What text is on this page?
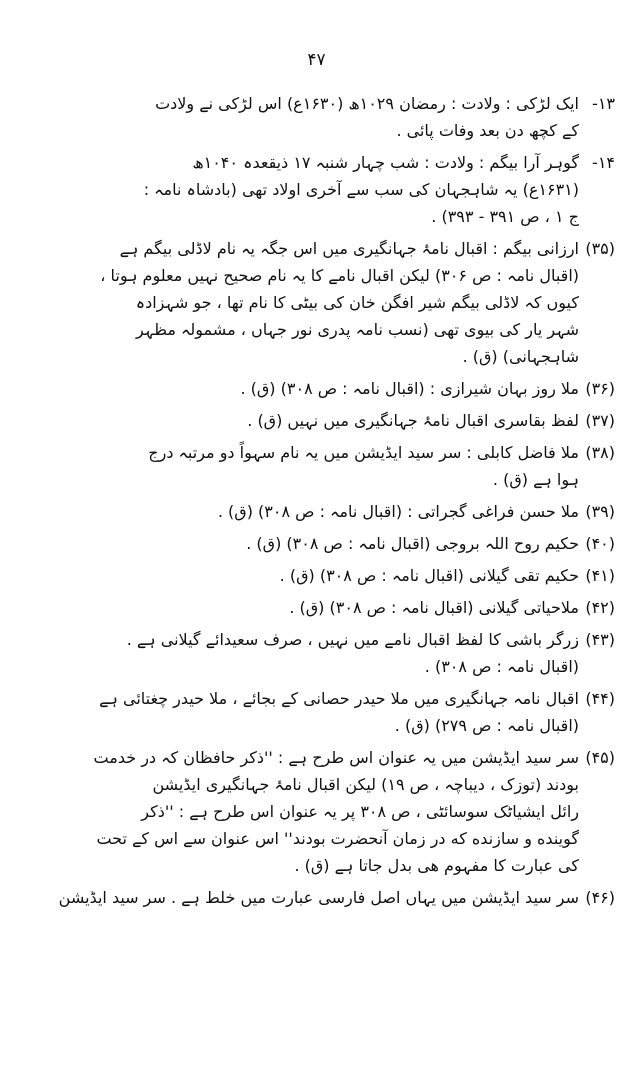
۴۷
۱۳-
ایک لڑکی : ولادت : رمضان ۱۰۲۹ھ (۱۶۳۰ع) اس لڑکی نے ولادت
کے کچھ دن بعد وفات پائی .
۱۴-
گوہر آرا بیگم : ولادت : شب چہار شنبہ ۱۷ ذیقعدہ ۱۰۴۰ھ
(۱۶۳۱ع) یہ شاہجہان کی سب سے آخری اولاد تھی (بادشاہ نامہ :
ج ۱ ، ص ۳۹۱ - ۳۹۳) .
(۳۵)
ارزانی بیگم : اقبال نامۂ جہانگیری میں اس جگہ یہ نام لاڈلی بیگم ہے
(اقبال نامہ : ص ۳۰۶) لیکن اقبال نامے کا یہ نام صحیح نہیں معلوم ہوتا ،
کیوں کہ لاڈلی بیگم شیر افگن خان کی بیٹی کا نام تھا ، جو شہزادہ
شہر یار کی بیوی تھی (نسب نامہ پدری نور جہاں ، مشمولہ مظہر
شاہجہانی) (ق) .
(۳۶)
ملا روز بہان شیرازی : (اقبال نامہ : ص ۳۰۸) (ق) .
(۳۷)
لفظ بقاسری اقبال نامۂ جہانگیری میں نہیں (ق) .
(۳۸)
ملا فاضل کابلی : سر سید ایڈیشن میں یہ نام سہواً دو مرتبہ درج
ہوا ہے (ق) .
(۳۹)
ملا حسن فراغی گجراتی : (اقبال نامہ : ص ۳۰۸) (ق) .
(۴۰)
حکیم روح اللہ بروجی (اقبال نامہ : ص ۳۰۸) (ق) .
(۴۱)
حکیم تقی گیلانی (اقبال نامہ : ص ۳۰۸) (ق) .
(۴۲)
ملاحیاتی گیلانی (اقبال نامہ : ص ۳۰۸) (ق) .
(۴۳)
زرگر باشی کا لفظ اقبال نامے میں نہیں ، صرف سعیدائے گیلانی ہے .
(اقبال نامہ : ص ۳۰۸) .
(۴۴)
اقبال نامہ جہانگیری میں ملا حیدر حصانی کے بجائے ، ملا حیدر چغتائی ہے
(اقبال نامہ : ص ۲۷۹) (ق) .
(۴۵)
سر سید ایڈیشن میں یہ عنوان اس طرح ہے : ''ذکر حافظان کہ در خدمت
بودند (توزک ، دیباچہ ، ص ۱۹) لیکن اقبال نامۂ جہانگیری ایڈیشن
رائل ایشیاٹک سوسائٹی ، ص ۳۰۸ پر یہ عنوان اس طرح ہے : ''ذکر
گوینده و سازنده که در زمان آنحضرت بودند'' اس عنوان سے اس کے تحت
کی عبارت کا مفہوم ھی بدل جاتا ہے (ق) .
(۴۶)
سر سید ایڈیشن میں یہاں اصل فارسی عبارت میں خلط ہے . سر سید ایڈیشن
